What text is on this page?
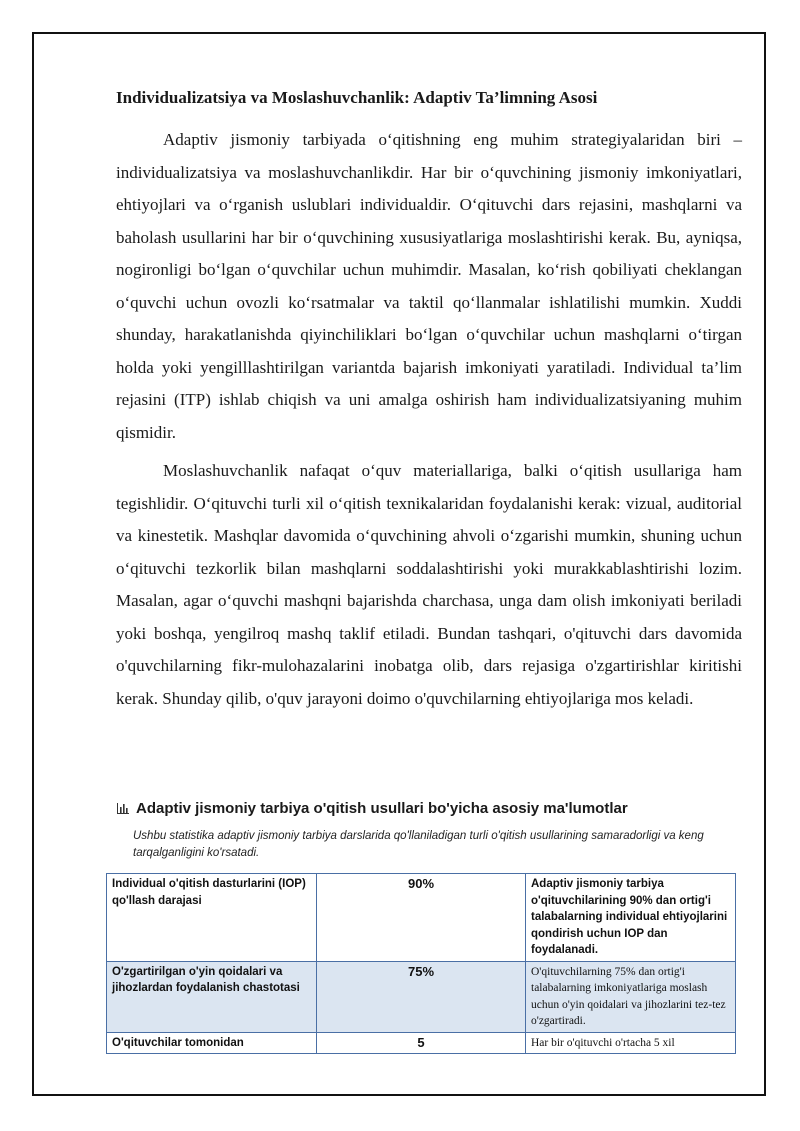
Individualizatsiya va Moslashuvchanlik: Adaptiv Ta’limning Asosi

Adaptiv jismoniy tarbiyada o‘qitishning eng muhim strategiyalaridan biri – individualizatsiya va moslashuvchanlikdir. Har bir o‘quvchining jismoniy imkoniyatlari, ehtiyojlari va o‘rganish uslublari individualdir. O‘qituvchi dars rejasini, mashqlarni va baholash usullarini har bir o‘quvchining xususiyatlariga moslashtirishi kerak. Bu, ayniqsa, nogironligi bo‘lgan o‘quvchilar uchun muhimdir. Masalan, ko‘rish qobiliyati cheklangan o‘quvchi uchun ovozli ko‘rsatmalar va taktil qo‘llanmalar ishlatilishi mumkin. Xuddi shunday, harakatlanishda qiyinchiliklari bo‘lgan o‘quvchilar uchun mashqlarni o‘tirgan holda yoki yengilllashtirilgan variantda bajarish imkoniyati yaratiladi. Individual ta’lim rejasini (ITP) ishlab chiqish va uni amalga oshirish ham individualizatsiyaning muhim qismidir.

Moslashuvchanlik nafaqat o‘quv materiallariga, balki o‘qitish usullariga ham tegishlidir. O‘qituvchi turli xil o‘qitish texnikalaridan foydalanishi kerak: vizual, auditorial va kinestetik. Mashqlar davomida o‘quvchining ahvoli o‘zgarishi mumkin, shuning uchun o‘qituvchi tezkorlik bilan mashqlarni soddalashtirishi yoki murakkablashtirishi lozim. Masalan, agar o‘quvchi mashqni bajarishda charchasa, unga dam olish imkoniyati beriladi yoki boshqa, yengilroq mashq taklif etiladi. Bundan tashqari, o'qituvchi dars davomida o'quvchilarning fikr-mulohazalarini inobatga olib, dars rejasiga o'zgartirishlar kiritishi kerak. Shunday qilib, o'quv jarayoni doimo o'quvchilarning ehtiyojlariga mos keladi.

Adaptiv jismoniy tarbiya o'qitish usullari bo'yicha asosiy ma'lumotlar
Ushbu statistika adaptiv jismoniy tarbiya darslarida qo'llaniladigan turli o'qitish usullarining samaradorligi va keng tarqalganligini ko'rsatadi.
Individual o'qitish dasturlarini (IOP) qo'llash darajasi	90%	Adaptiv jismoniy tarbiya o'qituvchilarining 90% dan ortig'i talabalarning individual ehtiyojlarini qondirish uchun IOP dan foydalanadi.
O'zgartirilgan o'yin qoidalari va jihozlardan foydalanish chastotasi	75%	O'qituvchilarning 75% dan ortig'i talabalarning imkoniyatlariga moslash uchun o'yin qoidalari va jihozlarini tez-tez o'zgartiradi.
O'qituvchilar tomonidan	5	Har bir o'qituvchi o'rtacha 5 xil
